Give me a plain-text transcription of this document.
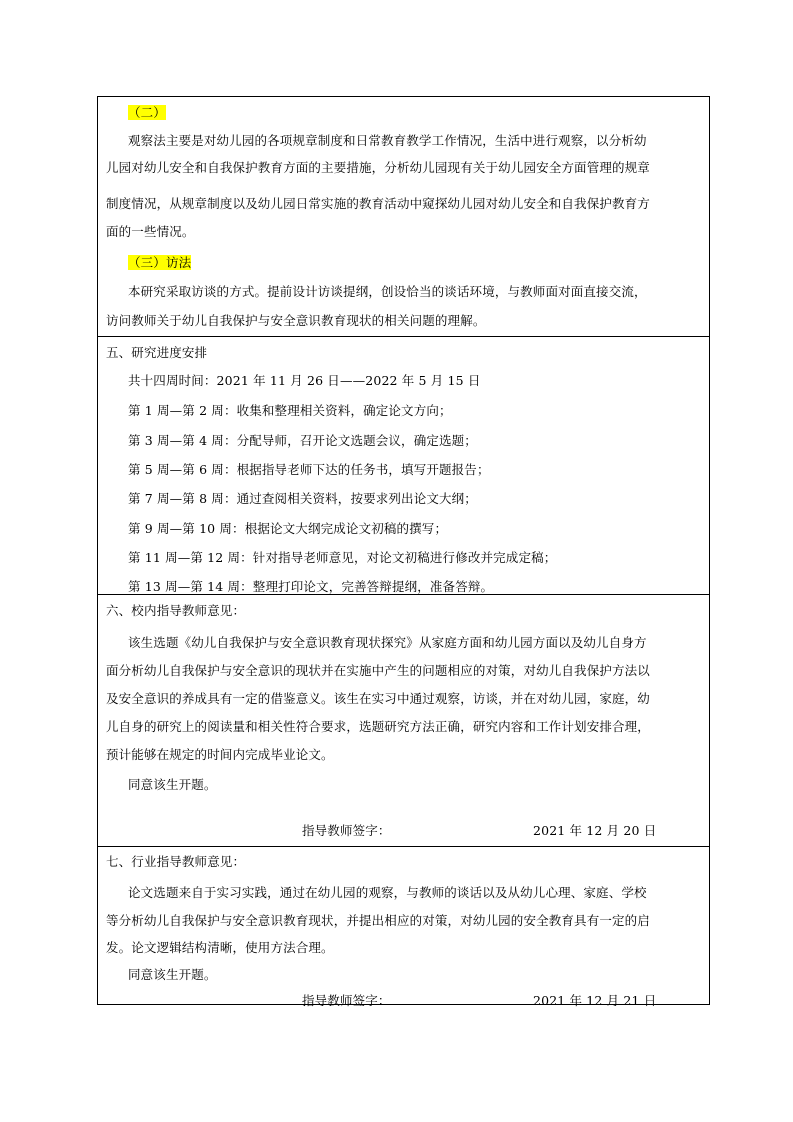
（二）
观察法主要是对幼儿园的各项规章制度和日常教育教学工作情况，生活中进行观察，以分析幼
儿园对幼儿安全和自我保护教育方面的主要措施，分析幼儿园现有关于幼儿园安全方面管理的规章
制度情况，从规章制度以及幼儿园日常实施的教育活动中窥探幼儿园对幼儿安全和自我保护教育方
面的一些情况。
（三）访法
本研究采取访谈的方式。提前设计访谈提纲，创设恰当的谈话环境，与教师面对面直接交流，
访问教师关于幼儿自我保护与安全意识教育现状的相关问题的理解。
五、研究进度安排
共十四周时间：2021 年 11 月 26 日——2022 年 5 月 15 日
第 1 周—第 2 周：收集和整理相关资料，确定论文方向；
第 3 周—第 4 周：分配导师，召开论文选题会议，确定选题；
第 5 周—第 6 周：根据指导老师下达的任务书，填写开题报告；
第 7 周—第 8 周：通过查阅相关资料，按要求列出论文大纲；
第 9 周—第 10 周：根据论文大纲完成论文初稿的撰写；
第 11 周—第 12 周：针对指导老师意见，对论文初稿进行修改并完成定稿；
第 13 周—第 14 周：整理打印论文，完善答辩提纲，准备答辩。
六、校内指导教师意见：
该生选题《幼儿自我保护与安全意识教育现状探究》从家庭方面和幼儿园方面以及幼儿自身方
面分析幼儿自我保护与安全意识的现状并在实施中产生的问题相应的对策，对幼儿自我保护方法以
及安全意识的养成具有一定的借鉴意义。该生在实习中通过观察，访谈，并在对幼儿园，家庭，幼
儿自身的研究上的阅读量和相关性符合要求，选题研究方法正确，研究内容和工作计划安排合理，
预计能够在规定的时间内完成毕业论文。
同意该生开题。
指导教师签字：	2021 年 12 月 20 日
七、行业指导教师意见：
论文选题来自于实习实践，通过在幼儿园的观察，与教师的谈话以及从幼儿心理、家庭、学校
等分析幼儿自我保护与安全意识教育现状，并提出相应的对策，对幼儿园的安全教育具有一定的启
发。论文逻辑结构清晰，使用方法合理。
同意该生开题。
指导教师签字：	2021 年 12 月 21 日
